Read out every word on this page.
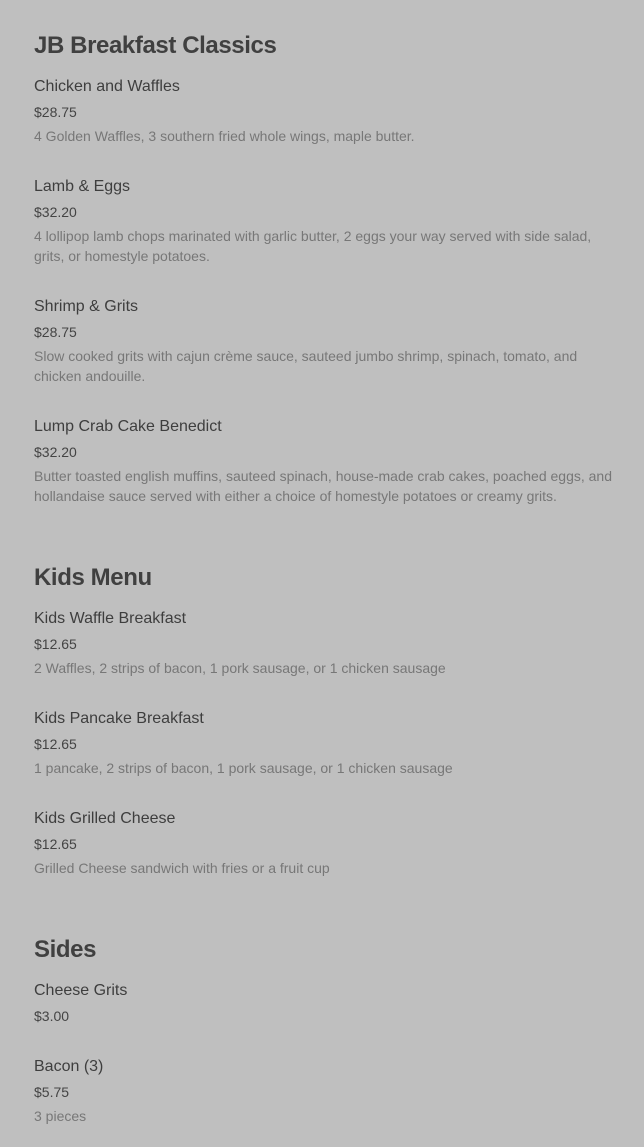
JB Breakfast Classics
Chicken and Waffles
$28.75
4 Golden Waffles, 3 southern fried whole wings, maple butter.
Lamb & Eggs
$32.20
4 lollipop lamb chops marinated with garlic butter, 2 eggs your way served with side salad, grits, or homestyle potatoes.
Shrimp & Grits
$28.75
Slow cooked grits with cajun crème sauce, sauteed jumbo shrimp, spinach, tomato, and chicken andouille.
Lump Crab Cake Benedict
$32.20
Butter toasted english muffins, sauteed spinach, house-made crab cakes, poached eggs, and hollandaise sauce served with either a choice of homestyle potatoes or creamy grits.
Kids Menu
Kids Waffle Breakfast
$12.65
2 Waffles, 2 strips of bacon, 1 pork sausage, or 1 chicken sausage
Kids Pancake Breakfast
$12.65
1 pancake, 2 strips of bacon, 1 pork sausage, or 1 chicken sausage
Kids Grilled Cheese
$12.65
Grilled Cheese sandwich with fries or a fruit cup
Sides
Cheese Grits
$3.00
Bacon (3)
$5.75
3 pieces
